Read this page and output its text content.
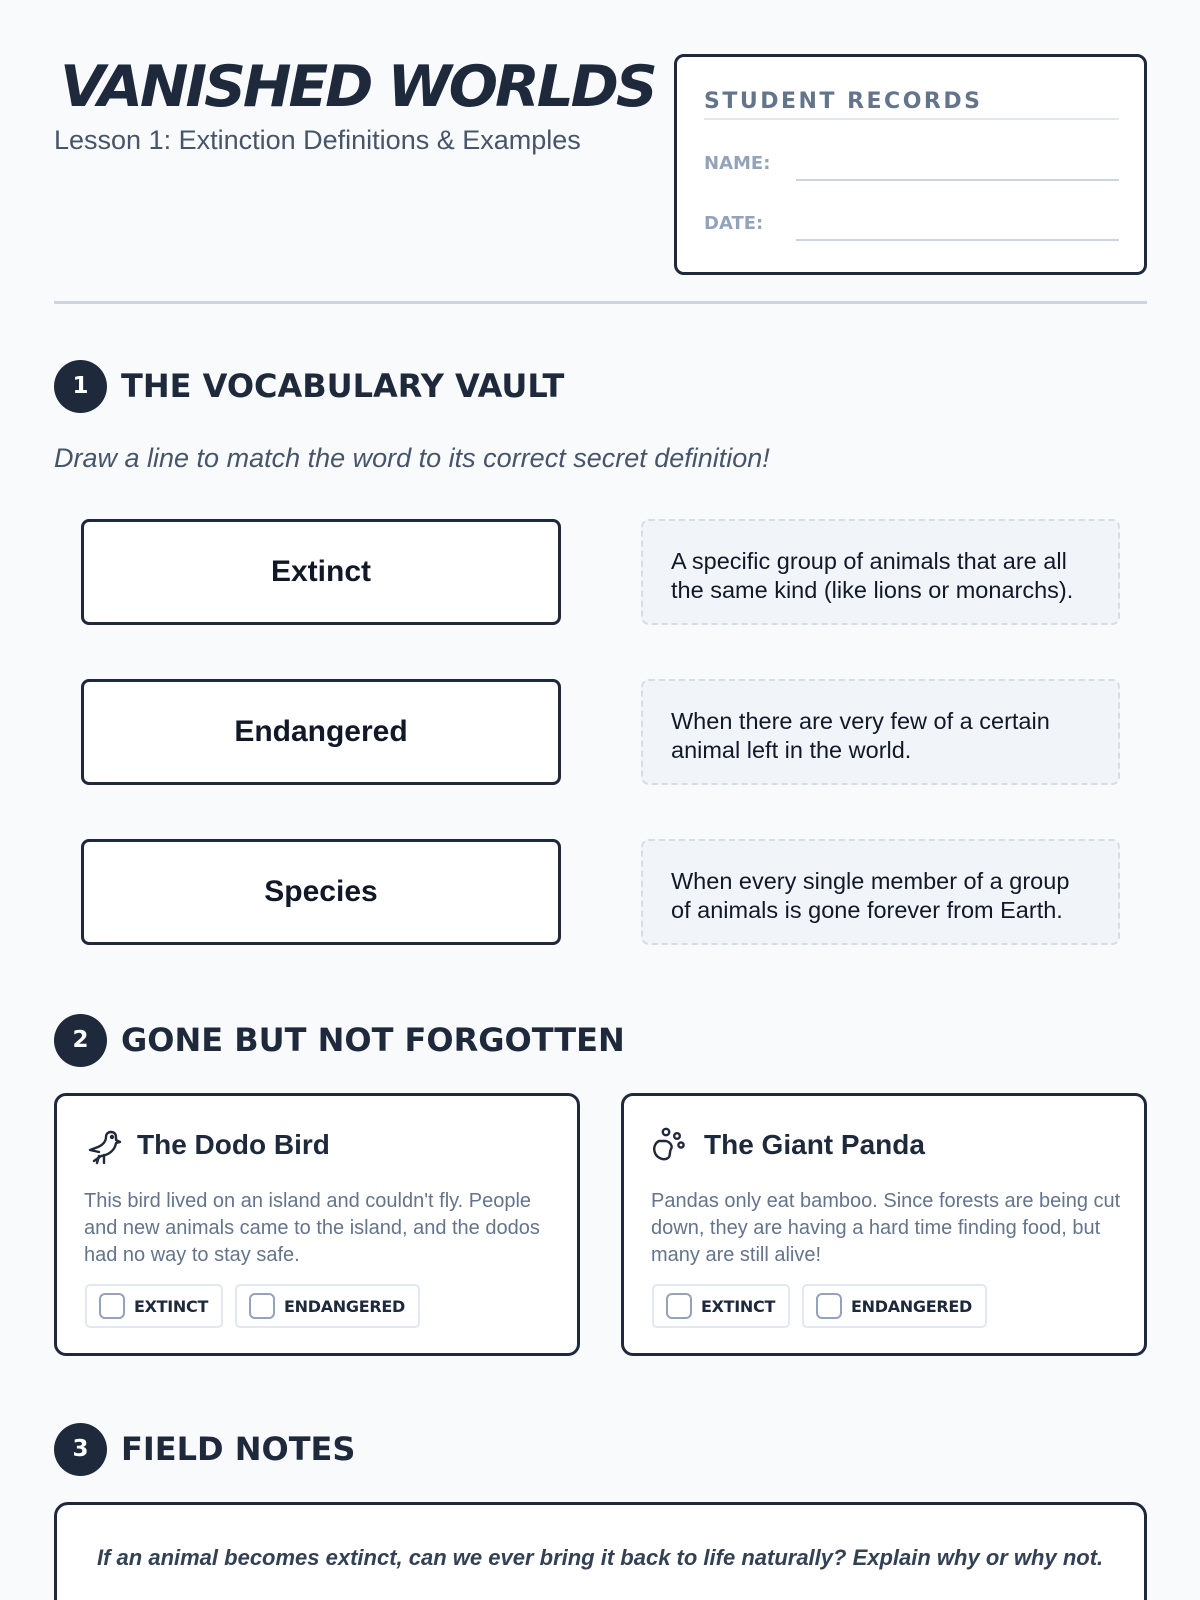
VANISHED WORLDS
Lesson 1: Extinction Definitions & Examples
STUDENT RECORDS
NAME:
DATE:
1	THE VOCABULARY VAULT
Draw a line to match the word to its correct secret definition!
Extinct
Endangered
Species
A specific group of animals that are all the same kind (like lions or monarchs).
When there are very few of a certain animal left in the world.
When every single member of a group of animals is gone forever from Earth.
2	GONE BUT NOT FORGOTTEN
The Dodo Bird
This bird lived on an island and couldn't fly. People and new animals came to the island, and the dodos had no way to stay safe.
EXTINCT	ENDANGERED
The Giant Panda
Pandas only eat bamboo. Since forests are being cut down, they are having a hard time finding food, but many are still alive!
EXTINCT	ENDANGERED
3	FIELD NOTES
If an animal becomes extinct, can we ever bring it back to life naturally? Explain why or why not.
